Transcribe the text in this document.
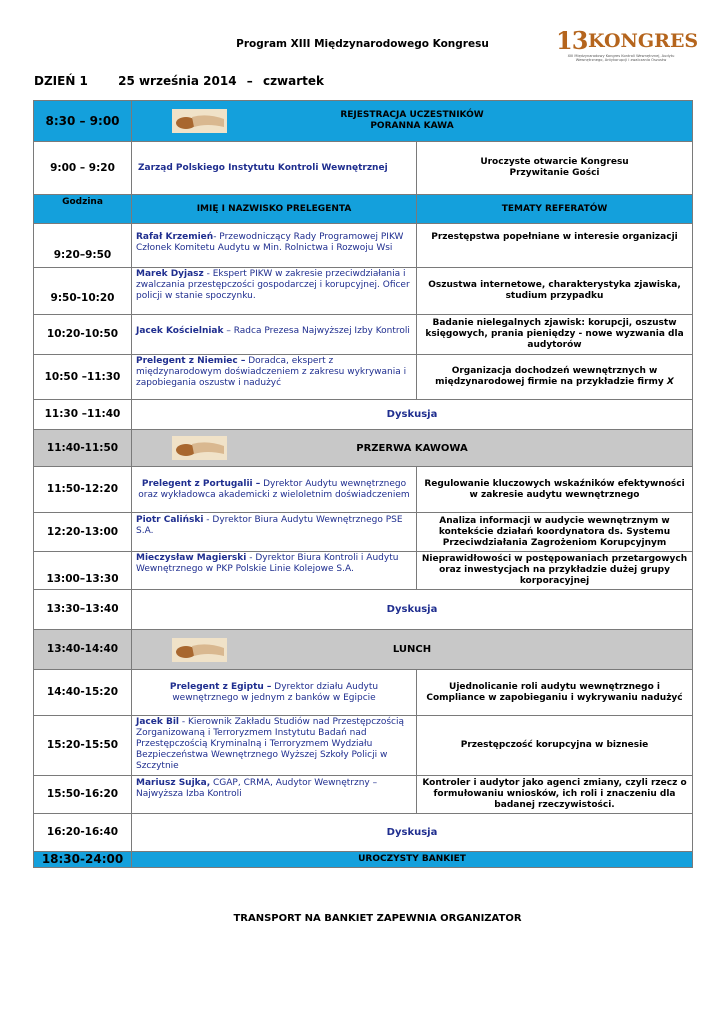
Program XIII Międzynarodowego Kongresu	13 KONGRES
XIII Międzynarodowy Kongres Kontroli Wewnętrznej, Audytu Wewnętrznego, Antykorupcji i zwalczania Oszustw
DZIEŃ 1	25 września 2014 – czwartek
8:30 – 9:00	REJESTRACJA UCZESTNIKÓW
PORANNA KAWA	

9:00 – 9:20	Zarząd Polskiego Instytutu Kontroli Wewnętrznej	Uroczyste otwarcie Kongresu
Przywitanie Gości

Godzina	IMIĘ I NAZWISKO PRELEGENTA	TEMATY REFERATÓW
9:20–9:50	Rafał Krzemień- Przewodniczący Rady Programowej PIKW Członek Komitetu Audytu w Min. Rolnictwa i Rozwoju Wsi	Przestępstwa popełniane w interesie organizacji
9:50-10:20	Marek Dyjasz - Ekspert PIKW w zakresie przeciwdziałania i zwalczania przestępczości gospodarczej i korupcyjnej. Oficer policji w stanie spoczynku.	Oszustwa internetowe, charakterystyka zjawiska, studium przypadku
10:20-10:50	Jacek Kościelniak – Radca Prezesa Najwyższej Izby Kontroli	Badanie nielegalnych zjawisk: korupcji, oszustw księgowych, prania pieniędzy - nowe wyzwania dla audytorów
10:50 –11:30	Prelegent z Niemiec – Doradca, ekspert z międzynarodowym doświadczeniem z zakresu wykrywania i zapobiegania oszustw i nadużyć	Organizacja dochodzeń wewnętrznych w międzynarodowej firmie na przykładzie firmy X
11:30 –11:40	Dyskusja	
11:40-11:50	PRZERWA KAWOWA	
11:50-12:20	Prelegent z Portugalii – Dyrektor Audytu wewnętrznego oraz wykładowca akademicki z wieloletnim doświadczeniem	Regulowanie kluczowych wskaźników efektywności w zakresie audytu wewnętrznego
12:20-13:00	Piotr Caliński - Dyrektor Biura Audytu Wewnętrznego PSE S.A.	Analiza informacji w audycie wewnętrznym w kontekście działań koordynatora ds. Systemu Przeciwdziałania Zagrożeniom Korupcyjnym
13:00–13:30	Mieczysław Magierski - Dyrektor Biura Kontroli i Audytu Wewnętrznego w PKP Polskie Linie Kolejowe S.A.	Nieprawidłowości w postępowaniach przetargowych oraz inwestycjach na przykładzie dużej grupy korporacyjnej
13:30–13:40	Dyskusja	
13:40-14:40	LUNCH	
14:40-15:20	Prelegent z Egiptu – Dyrektor działu Audytu wewnętrznego w jednym z banków w Egipcie	Ujednolicanie roli audytu wewnętrznego i Compliance w zapobieganiu i wykrywaniu nadużyć
15:20-15:50	Jacek Bil - Kierownik Zakładu Studiów nad Przestępczością Zorganizowaną i Terroryzmem Instytutu Badań nad Przestępczością Kryminalną i Terroryzmem Wydziału Bezpieczeństwa Wewnętrznego Wyższej Szkoły Policji w Szczytnie	Przestępczość korupcyjna w biznesie
15:50-16:20	Mariusz Sujka, CGAP, CRMA, Audytor Wewnętrzny – Najwyższa Izba Kontroli	Kontroler i audytor jako agenci zmiany, czyli rzecz o formułowaniu wniosków, ich roli i znaczeniu dla badanej rzeczywistości.
16:20-16:40	Dyskusja	
18:30-24:00	UROCZYSTY BANKIET	
TRANSPORT NA BANKIET ZAPEWNIA ORGANIZATOR
